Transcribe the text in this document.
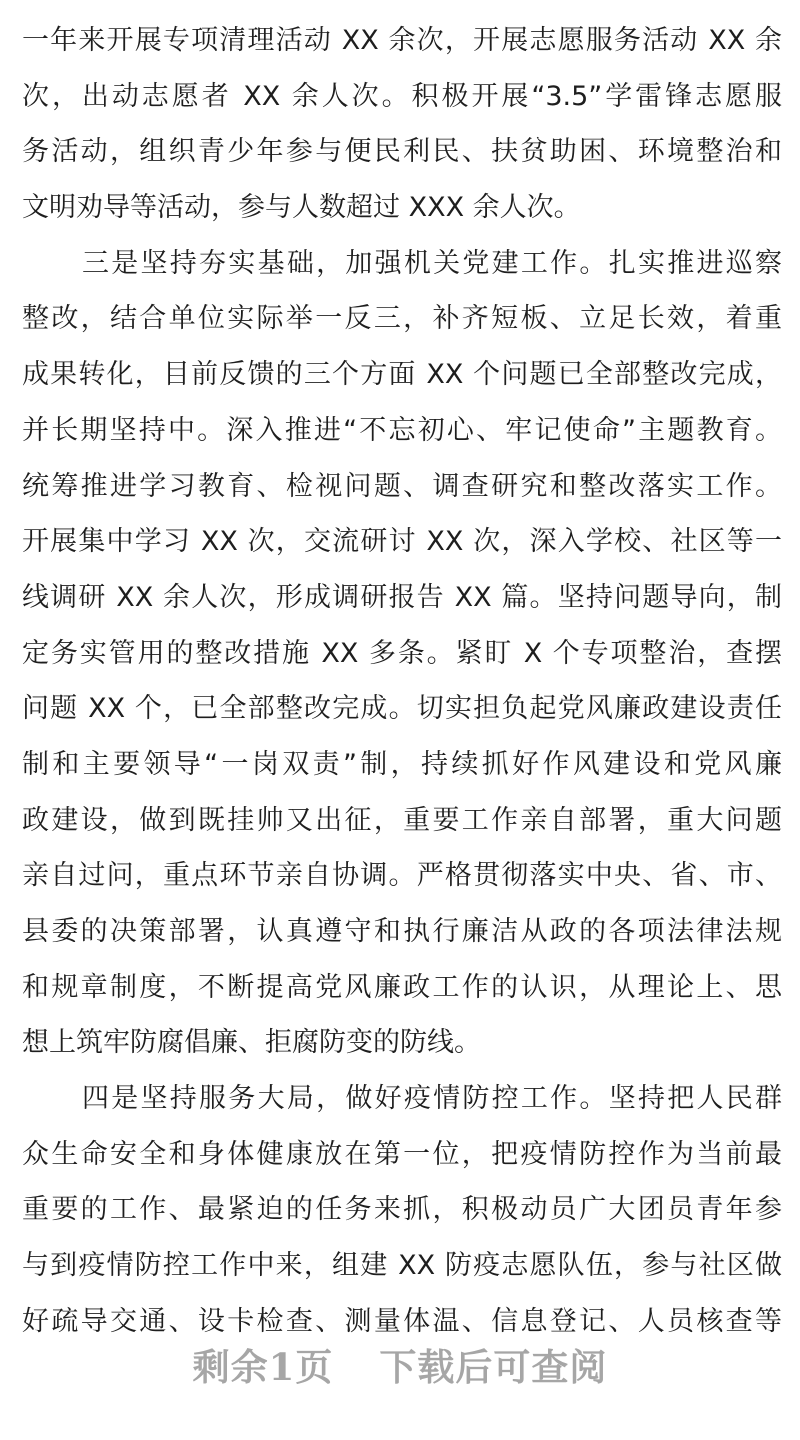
一年来开展专项清理活动 XX 余次，开展志愿服务活动 XX 余
次，出动志愿者 XX 余人次。积极开展“3.5”学雷锋志愿服
务活动，组织青少年参与便民利民、扶贫助困、环境整治和
文明劝导等活动，参与人数超过 XXX 余人次。
三是坚持夯实基础，加强机关党建工作。扎实推进巡察
整改，结合单位实际举一反三，补齐短板、立足长效，着重
成果转化，目前反馈的三个方面 XX 个问题已全部整改完成，
并长期坚持中。深入推进“不忘初心、牢记使命”主题教育。
统筹推进学习教育、检视问题、调查研究和整改落实工作。
开展集中学习 XX 次，交流研讨 XX 次，深入学校、社区等一
线调研 XX 余人次，形成调研报告 XX 篇。坚持问题导向，制
定务实管用的整改措施 XX 多条。紧盯 X 个专项整治，查摆
问题 XX 个，已全部整改完成。切实担负起党风廉政建设责任
制和主要领导“一岗双责”制，持续抓好作风建设和党风廉
政建设，做到既挂帅又出征，重要工作亲自部署，重大问题
亲自过问，重点环节亲自协调。严格贯彻落实中央、省、市、
县委的决策部署，认真遵守和执行廉洁从政的各项法律法规
和规章制度，不断提高党风廉政工作的认识，从理论上、思
想上筑牢防腐倡廉、拒腐防变的防线。
四是坚持服务大局，做好疫情防控工作。坚持把人民群
众生命安全和身体健康放在第一位，把疫情防控作为当前最
重要的工作、最紧迫的任务来抓，积极动员广大团员青年参
与到疫情防控工作中来，组建 XX 防疫志愿队伍，参与社区做
好疏导交通、设卡检查、测量体温、信息登记、人员核查等
剩余1页 下载后可查阅
